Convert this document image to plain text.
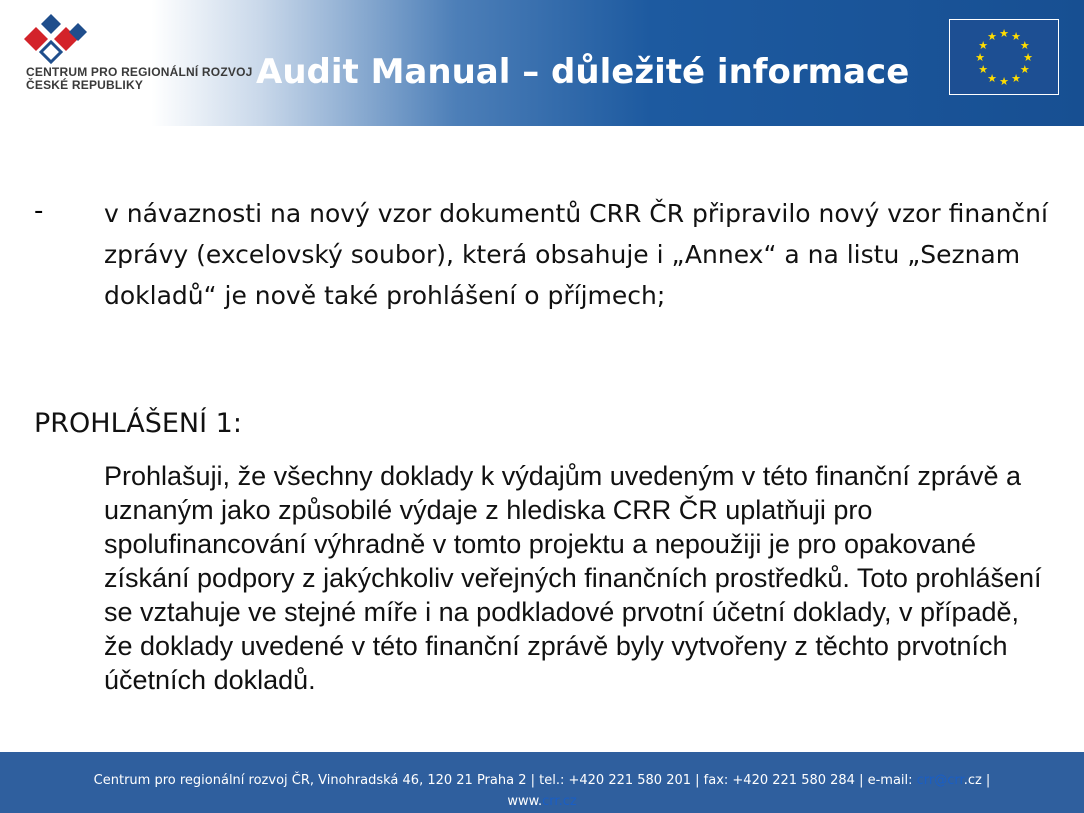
CENTRUM PRO REGIONÁLNÍ ROZVOJ
ČESKÉ REPUBLIKY	Audit Manual – důležité informace
★ ★
★
★
★
★
★
★
★
★
★
★
- v návaznosti na nový vzor dokumentů CRR ČR připravilo nový vzor finanční zprávy (excelovský soubor), která obsahuje i „Annex“ a na listu „Seznam dokladů“ je nově také prohlášení o příjmech;
PROHLÁŠENÍ 1:
Prohlašuji, že všechny doklady k výdajům uvedeným v této finanční zprávě a uznaným jako způsobilé výdaje z hlediska CRR ČR uplatňuji pro spolufinancování výhradně v tomto projektu a nepoužiji je pro opakované získání podpory z jakýchkoliv veřejných finančních prostředků. Toto prohlášení se vztahuje ve stejné míře i na podkladové prvotní účetní doklady, v případě, že doklady uvedené v této finanční zprávě byly vytvořeny z těchto prvotních účetních dokladů.
Centrum pro regionální rozvoj ČR, Vinohradská 46, 120 21 Praha 2 | tel.: +420 221 580 201 | fax: +420 221 580 284 | e-mail: crr@crr.cz |
www.crr.cz
